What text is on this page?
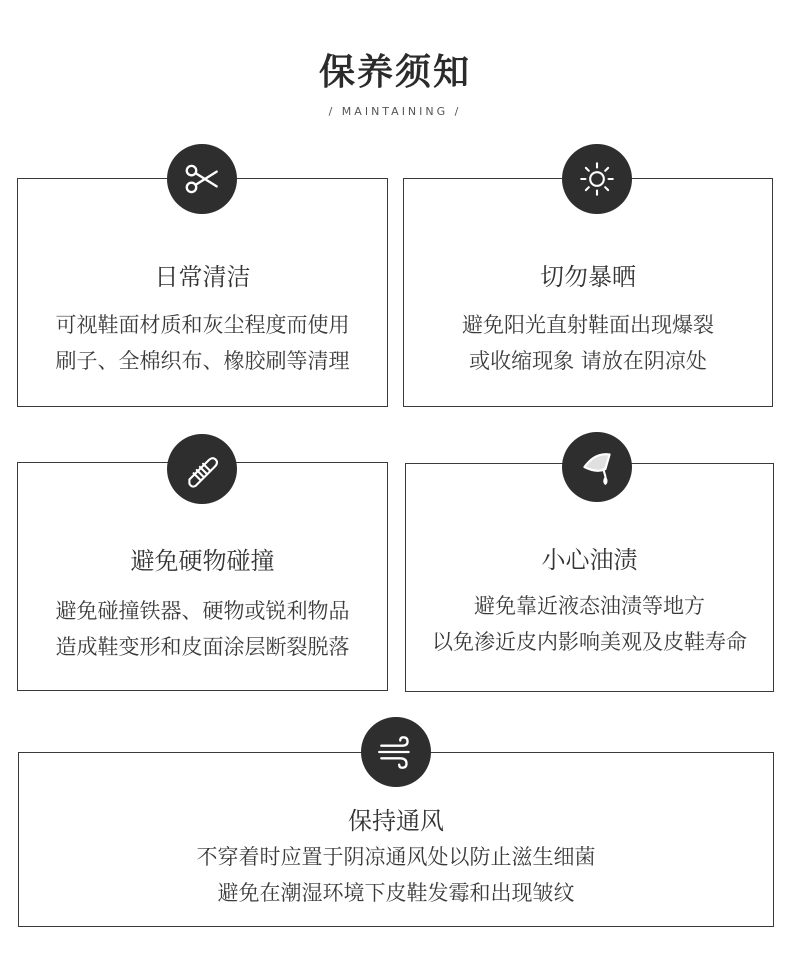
保养须知
/ MAINTAINING /
日常清洁
可视鞋面材质和灰尘程度而使用
刷子、全棉织布、橡胶刷等清理
切勿暴晒
避免阳光直射鞋面出现爆裂
或收缩现象 请放在阴凉处
避免硬物碰撞
避免碰撞铁器、硬物或锐利物品
造成鞋变形和皮面涂层断裂脱落
小心油渍
避免靠近液态油渍等地方
以免渗近皮内影响美观及皮鞋寿命
保持通风
不穿着时应置于阴凉通风处以防止滋生细菌
避免在潮湿环境下皮鞋发霉和出现皱纹
